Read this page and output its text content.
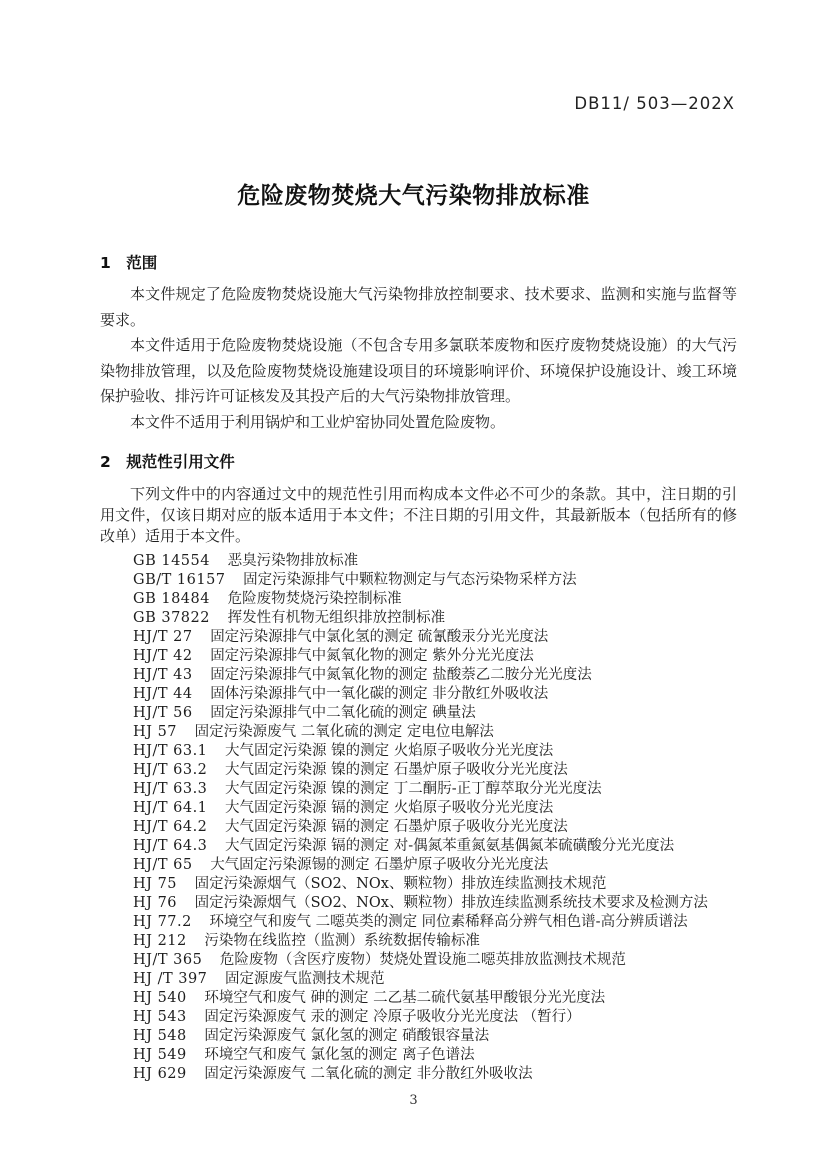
DB11/ 503—202X
危险废物焚烧大气污染物排放标准
1　范围

本文件规定了危险废物焚烧设施大气污染物排放控制要求、技术要求、监测和实施与监督等要求。

本文件适用于危险废物焚烧设施（不包含专用多氯联苯废物和医疗废物焚烧设施）的大气污染物排放管理，以及危险废物焚烧设施建设项目的环境影响评价、环境保护设施设计、竣工环境保护验收、排污许可证核发及其投产后的大气污染物排放管理。

本文件不适用于利用锅炉和工业炉窑协同处置危险废物。

2　规范性引用文件

下列文件中的内容通过文中的规范性引用而构成本文件必不可少的条款。其中，注日期的引用文件，仅该日期对应的版本适用于本文件；不注日期的引用文件，其最新版本（包括所有的修改单）适用于本文件。

GB 14554 恶臭污染物排放标准
GB/T 16157 固定污染源排气中颗粒物测定与气态污染物采样方法
GB 18484 危险废物焚烧污染控制标准
GB 37822 挥发性有机物无组织排放控制标准
HJ/T 27 固定污染源排气中氯化氢的测定 硫氰酸汞分光光度法
HJ/T 42 固定污染源排气中氮氧化物的测定 紫外分光光度法
HJ/T 43 固定污染源排气中氮氧化物的测定 盐酸萘乙二胺分光光度法
HJ/T 44 固体污染源排气中一氧化碳的测定 非分散红外吸收法
HJ/T 56 固定污染源排气中二氧化硫的测定 碘量法
HJ 57 固定污染源废气 二氧化硫的测定 定电位电解法
HJ/T 63.1 大气固定污染源 镍的测定 火焰原子吸收分光光度法
HJ/T 63.2 大气固定污染源 镍的测定 石墨炉原子吸收分光光度法
HJ/T 63.3 大气固定污染源 镍的测定 丁二酮肟-正丁醇萃取分光光度法
HJ/T 64.1 大气固定污染源 镉的测定 火焰原子吸收分光光度法
HJ/T 64.2 大气固定污染源 镉的测定 石墨炉原子吸收分光光度法
HJ/T 64.3 大气固定污染源 镉的测定 对-偶氮苯重氮氨基偶氮苯硫磺酸分光光度法
HJ/T 65 大气固定污染源锡的测定 石墨炉原子吸收分光光度法
HJ 75 固定污染源烟气（SO2、NOx、颗粒物）排放连续监测技术规范
HJ 76 固定污染源烟气（SO2、NOx、颗粒物）排放连续监测系统技术要求及检测方法
HJ 77.2 环境空气和废气 二噁英类的测定 同位素稀释高分辨气相色谱-高分辨质谱法
HJ 212 污染物在线监控（监测）系统数据传输标准
HJ/T 365 危险废物（含医疗废物）焚烧处置设施二噁英排放监测技术规范
HJ /T 397 固定源废气监测技术规范
HJ 540 环境空气和废气 砷的测定 二乙基二硫代氨基甲酸银分光光度法
HJ 543 固定污染源废气 汞的测定 冷原子吸收分光光度法 （暂行）
HJ 548 固定污染源废气 氯化氢的测定 硝酸银容量法
HJ 549 环境空气和废气 氯化氢的测定 离子色谱法
HJ 629 固定污染源废气 二氧化硫的测定 非分散红外吸收法
3
